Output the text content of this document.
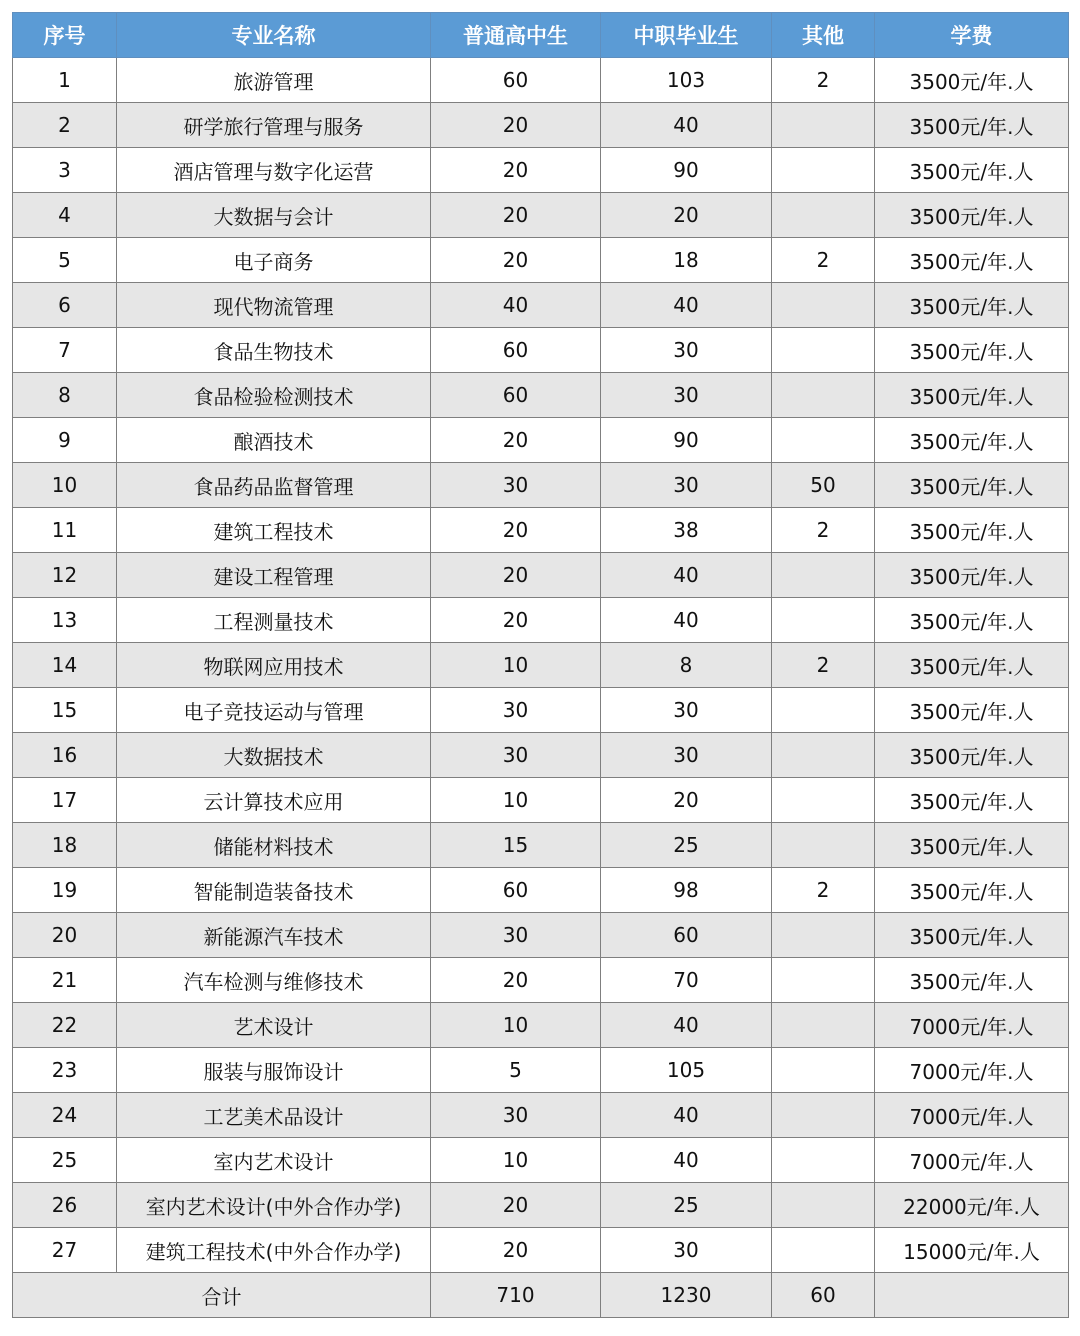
序号	专业名称	普通高中生	中职毕业生	其他	学费
1	旅游管理	60	103	2	3500元/年.人
2	研学旅行管理与服务	20	40		3500元/年.人
3	酒店管理与数字化运营	20	90		3500元/年.人
4	大数据与会计	20	20		3500元/年.人
5	电子商务	20	18	2	3500元/年.人
6	现代物流管理	40	40		3500元/年.人
7	食品生物技术	60	30		3500元/年.人
8	食品检验检测技术	60	30		3500元/年.人
9	酿酒技术	20	90		3500元/年.人
10	食品药品监督管理	30	30	50	3500元/年.人
11	建筑工程技术	20	38	2	3500元/年.人
12	建设工程管理	20	40		3500元/年.人
13	工程测量技术	20	40		3500元/年.人
14	物联网应用技术	10	8	2	3500元/年.人
15	电子竞技运动与管理	30	30		3500元/年.人
16	大数据技术	30	30		3500元/年.人
17	云计算技术应用	10	20		3500元/年.人
18	储能材料技术	15	25		3500元/年.人
19	智能制造装备技术	60	98	2	3500元/年.人
20	新能源汽车技术	30	60		3500元/年.人
21	汽车检测与维修技术	20	70		3500元/年.人
22	艺术设计	10	40		7000元/年.人
23	服装与服饰设计	5	105		7000元/年.人
24	工艺美术品设计	30	40		7000元/年.人
25	室内艺术设计	10	40		7000元/年.人
26	室内艺术设计(中外合作办学)	20	25		22000元/年.人
27	建筑工程技术(中外合作办学)	20	30		15000元/年.人
合计		710	1230	60	
